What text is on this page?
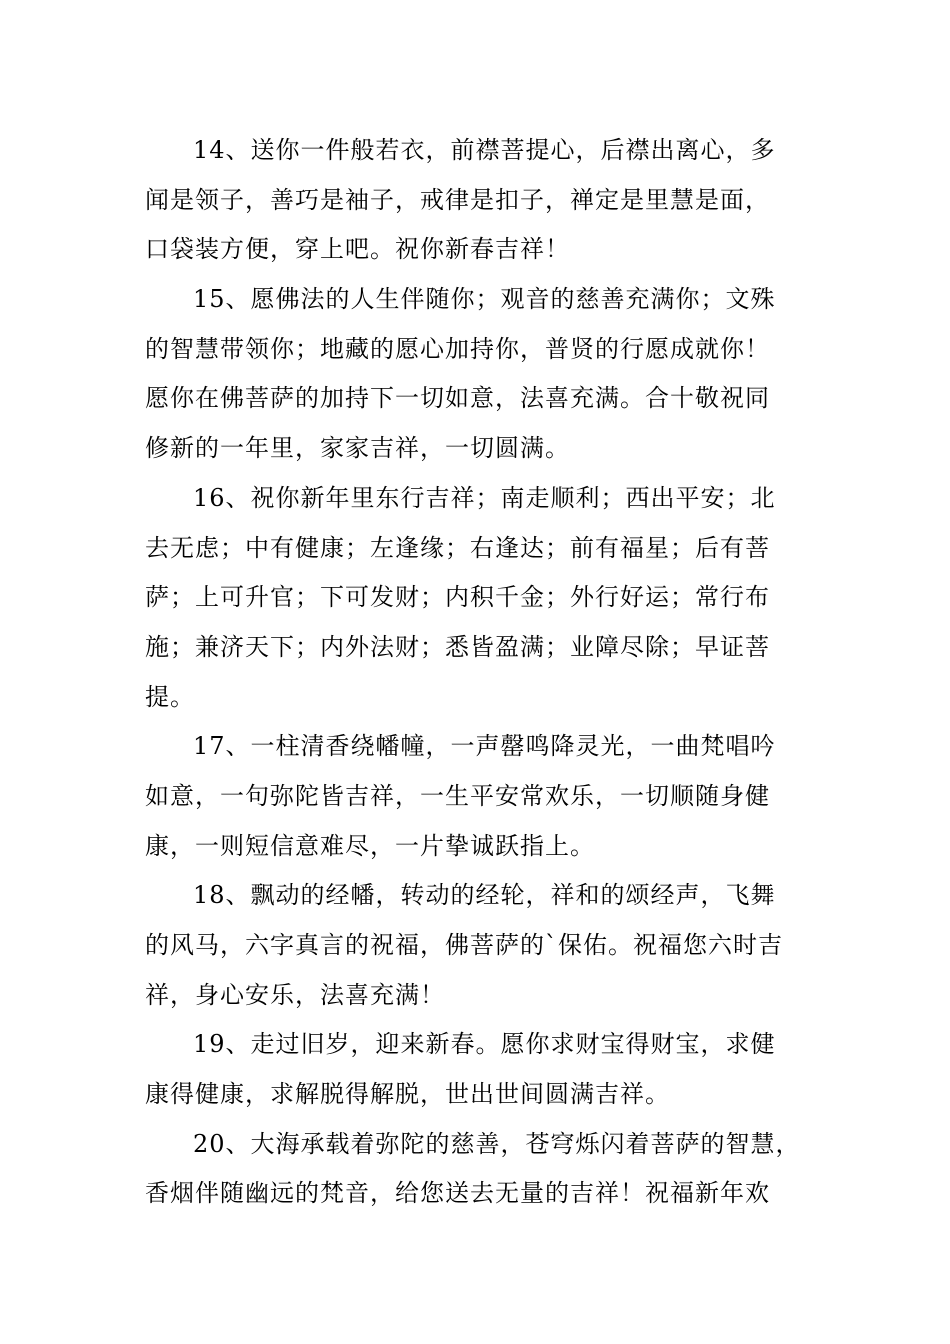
14、送你一件般若衣，前襟菩提心，后襟出离心，多
闻是领子，善巧是袖子，戒律是扣子，禅定是里慧是面，
口袋装方便，穿上吧。祝你新春吉祥！
15、愿佛法的人生伴随你；观音的慈善充满你；文殊
的智慧带领你；地藏的愿心加持你，普贤的行愿成就你！
愿你在佛菩萨的加持下一切如意，法喜充满。合十敬祝同
修新的一年里，家家吉祥，一切圆满。
16、祝你新年里东行吉祥；南走顺利；西出平安；北
去无虑；中有健康；左逢缘；右逢达；前有福星；后有菩
萨；上可升官；下可发财；内积千金；外行好运；常行布
施；兼济天下；内外法财；悉皆盈满；业障尽除；早证菩
提。
17、一柱清香绕幡幢，一声罄鸣降灵光，一曲梵唱吟
如意，一句弥陀皆吉祥，一生平安常欢乐，一切顺随身健
康，一则短信意难尽，一片挚诚跃指上。
18、飘动的经幡，转动的经轮，祥和的颂经声，飞舞
的风马，六字真言的祝福，佛菩萨的`保佑。祝福您六时吉
祥，身心安乐，法喜充满！
19、走过旧岁，迎来新春。愿你求财宝得财宝，求健
康得健康，求解脱得解脱，世出世间圆满吉祥。
20、大海承载着弥陀的慈善，苍穹烁闪着菩萨的智慧，
香烟伴随幽远的梵音，给您送去无量的吉祥！祝福新年欢
